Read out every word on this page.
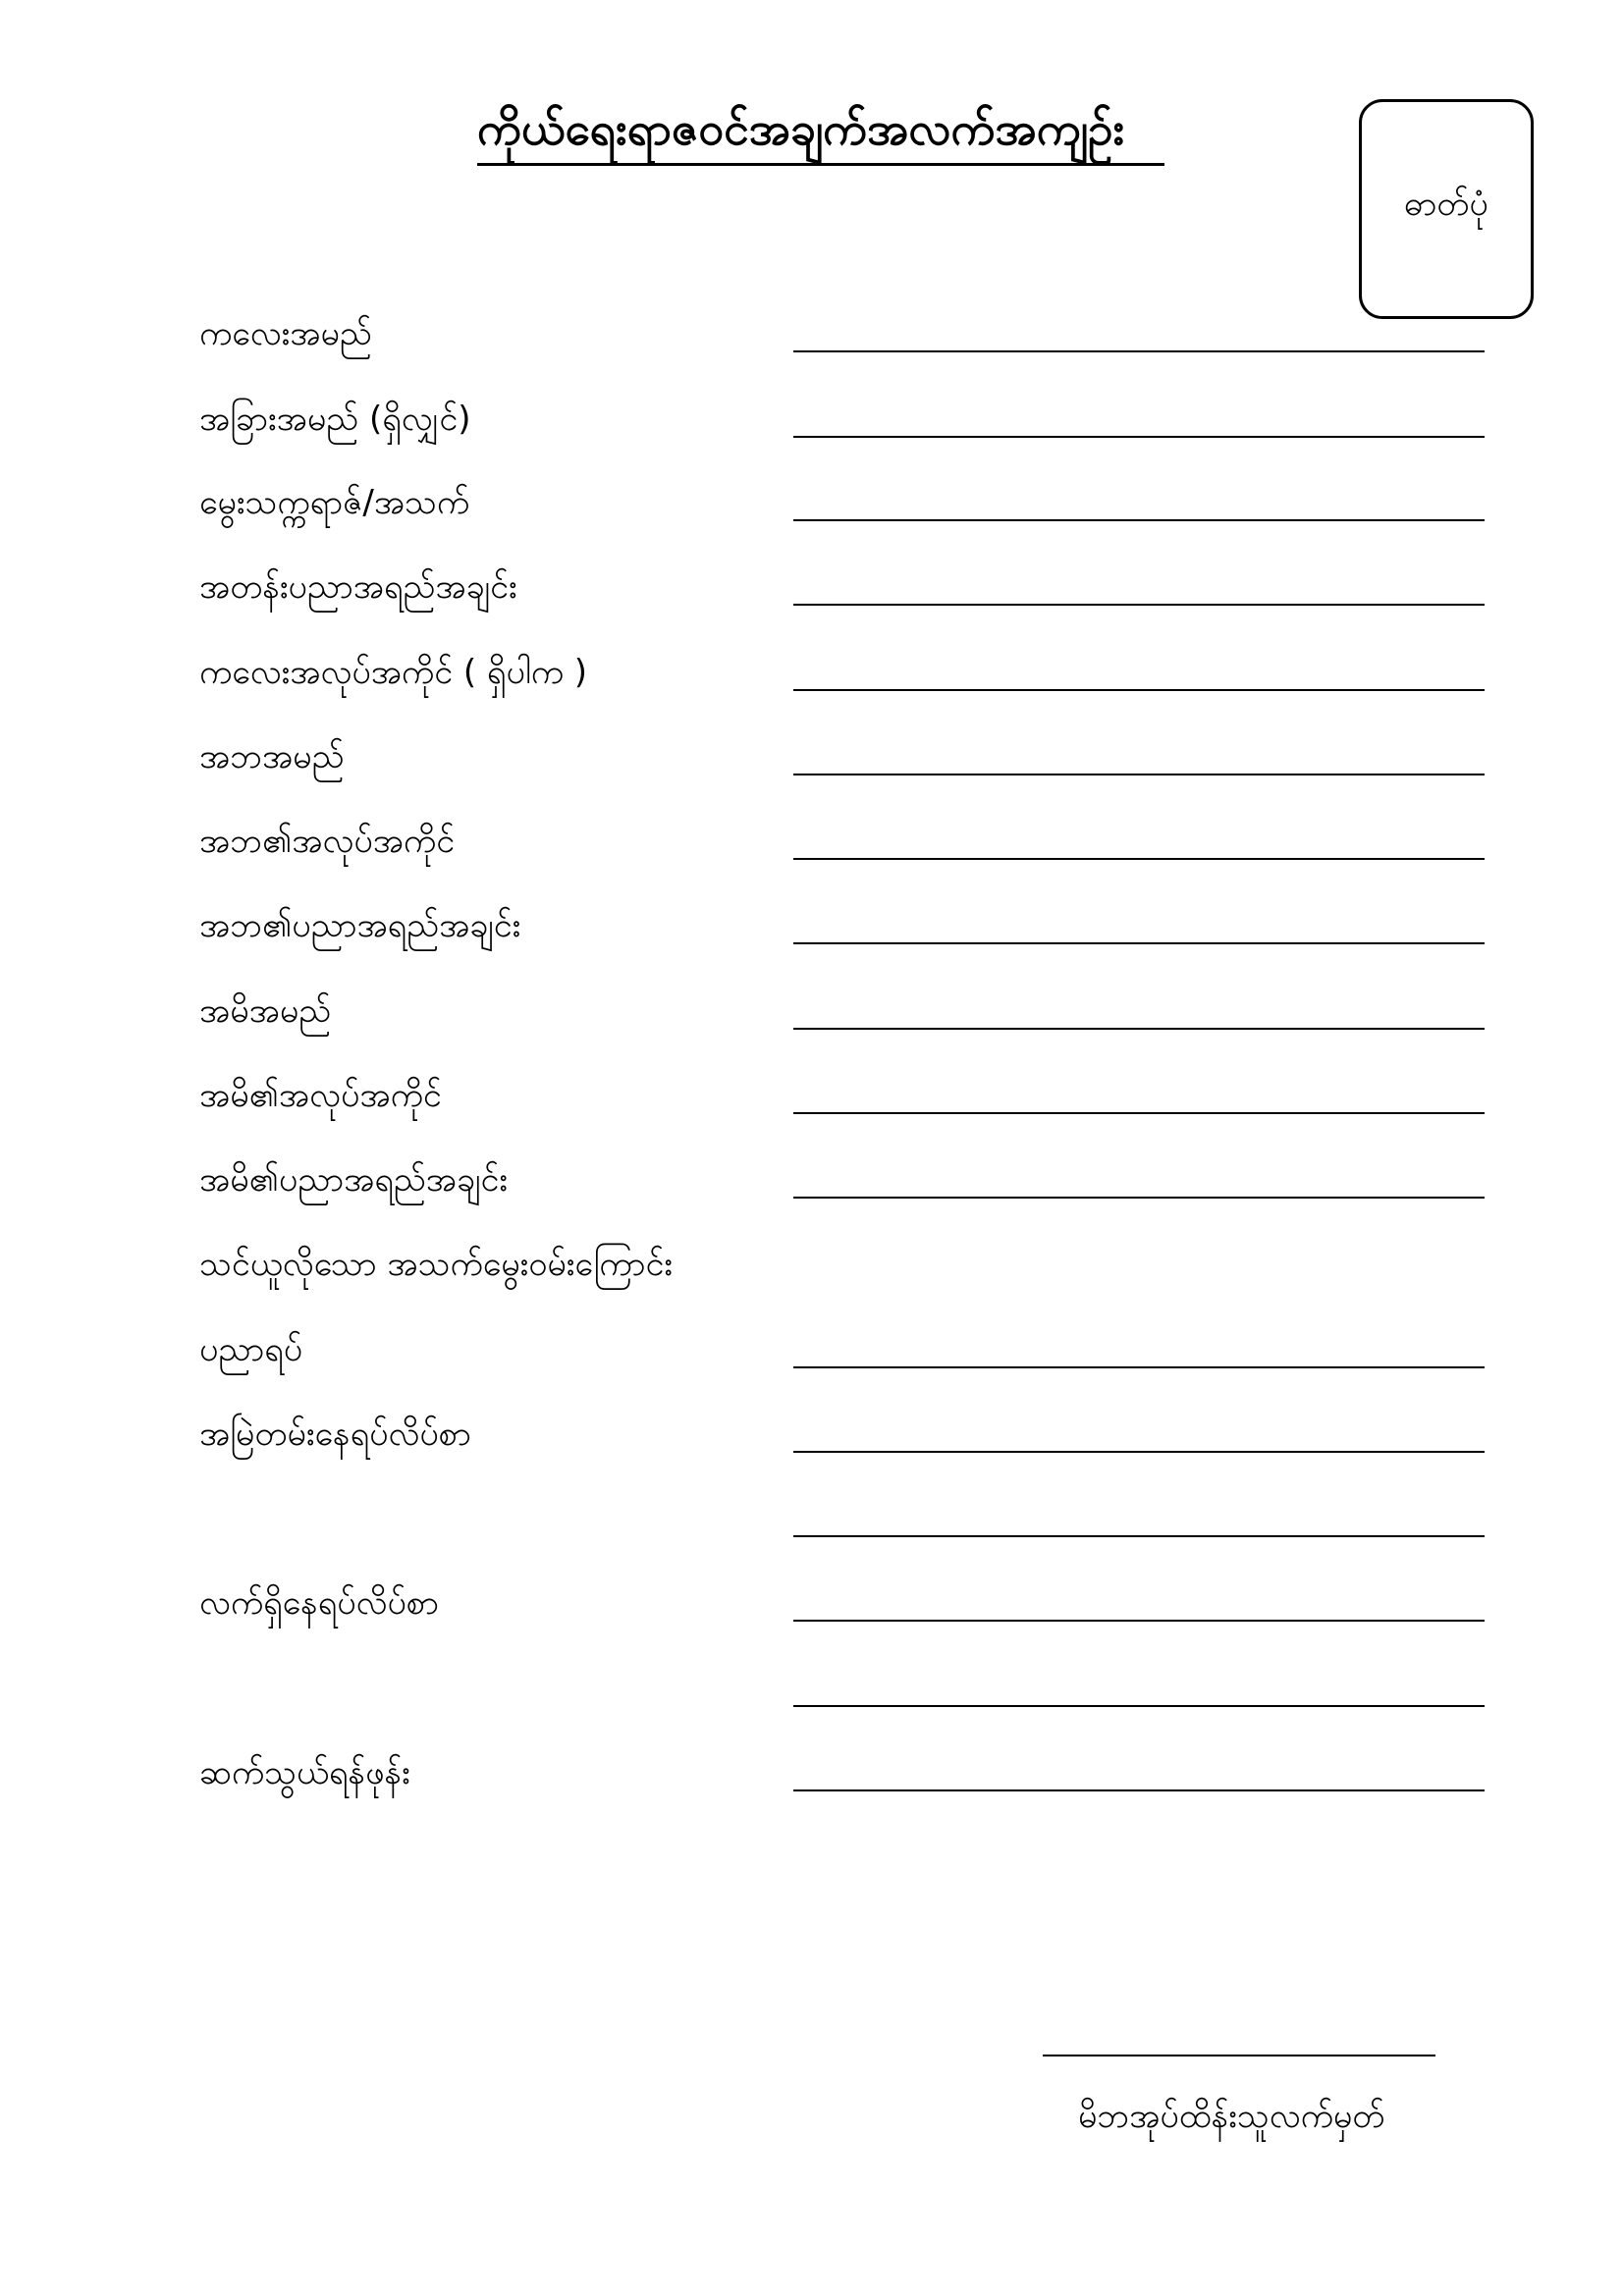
ကိုယ်ရေးရာဇဝင်အချက်အလက်အကျဉ်း
ဓာတ်ပုံ
ကလေးအမည်
အခြားအမည် (ရှိလျှင်)
မွေးသက္ကရာဇ်/အသက်
အတန်းပညာအရည်အချင်း
ကလေးအလုပ်အကိုင် ( ရှိပါက )
အဘအမည်
အဘ၏အလုပ်အကိုင်
အဘ၏ပညာအရည်အချင်း
အမိအမည်
အမိ၏အလုပ်အကိုင်
အမိ၏ပညာအရည်အချင်း
သင်ယူလိုသော အသက်မွေးဝမ်းကြောင်း
ပညာရပ်
အမြဲတမ်းနေရပ်လိပ်စာ
လက်ရှိနေရပ်လိပ်စာ
ဆက်သွယ်ရန်ဖုန်း
မိဘအုပ်ထိန်းသူလက်မှတ်
